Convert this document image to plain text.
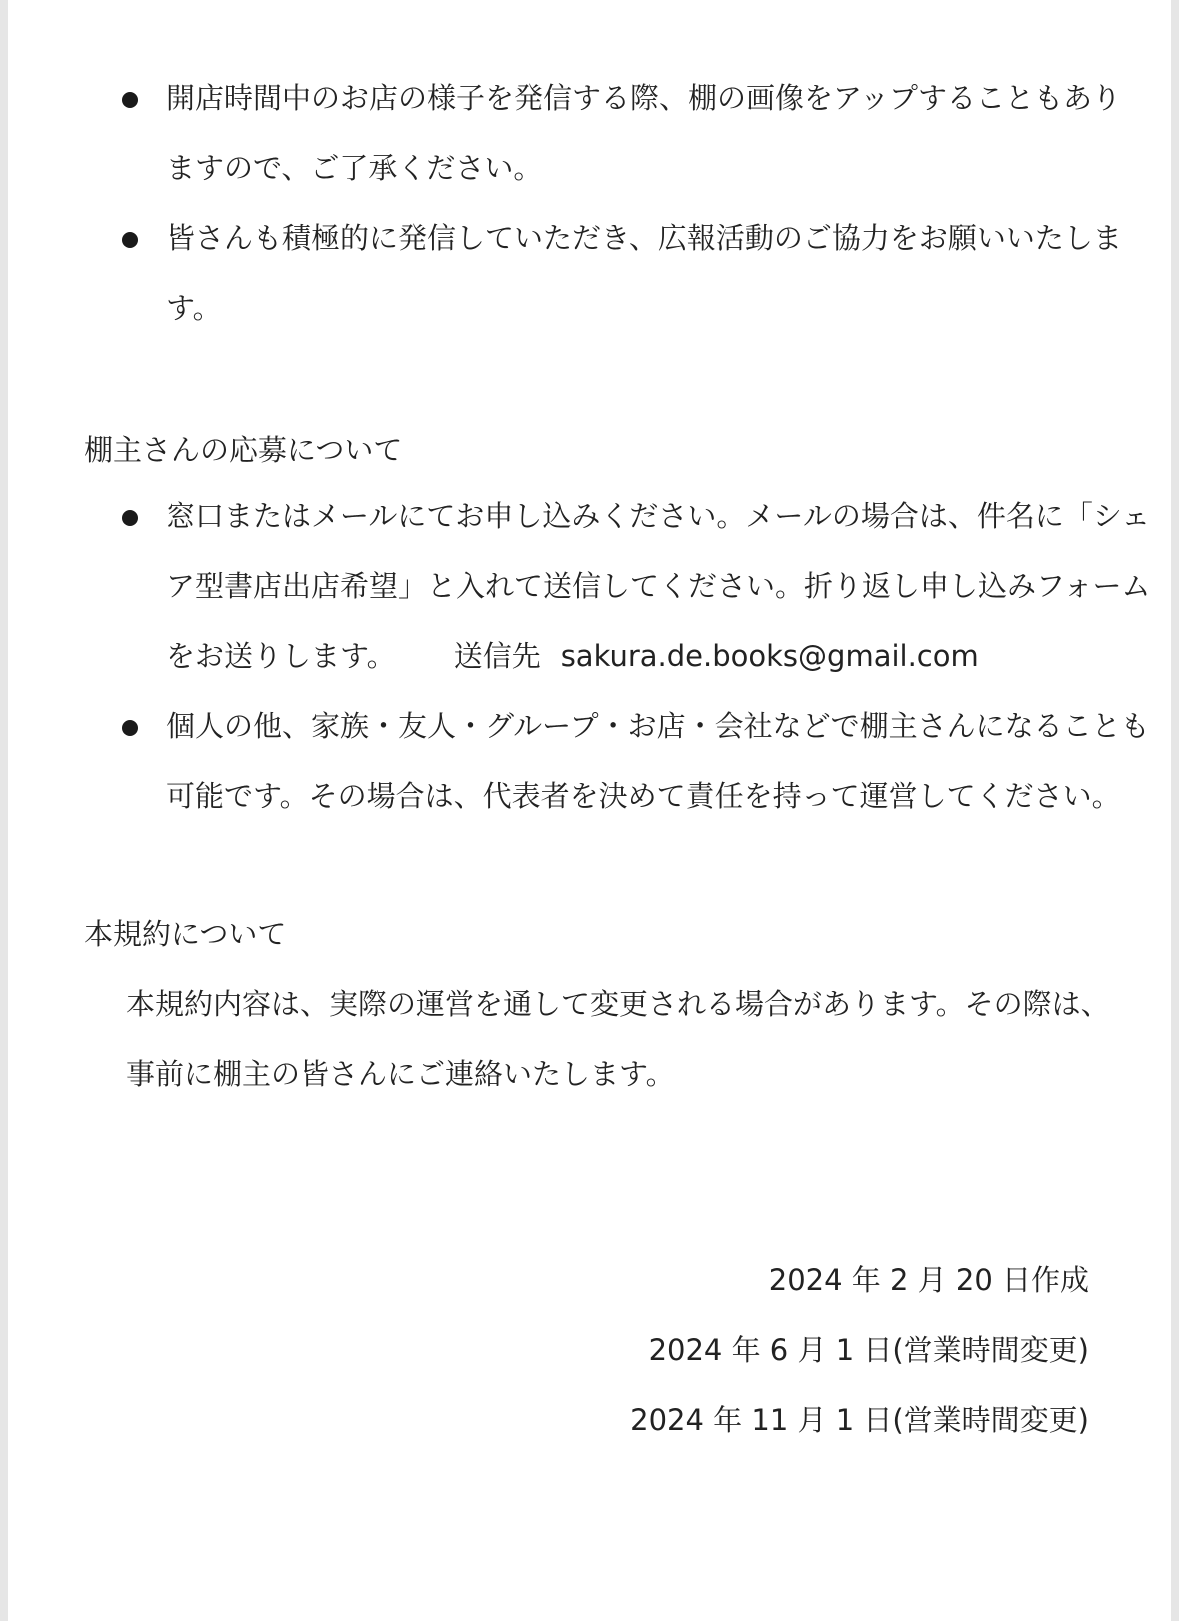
開店時間中のお店の様子を発信する際、棚の画像をアップすることもあり
ますので、ご了承ください。
皆さんも積極的に発信していただき、広報活動のご協力をお願いいたしま
す。
棚主さんの応募について
窓口またはメールにてお申し込みください。メールの場合は、件名に「シェ
ア型書店出店希望」と入れて送信してください。折り返し申し込みフォーム
をお送りします。 送信先 sakura.de.books@gmail.com
個人の他、家族・友人・グループ・お店・会社などで棚主さんになることも
可能です。その場合は、代表者を決めて責任を持って運営してください。
本規約について
本規約内容は、実際の運営を通して変更される場合があります。その際は、
事前に棚主の皆さんにご連絡いたします。
2024 年 2 月 20 日作成
2024 年 6 月 1 日(営業時間変更)
2024 年 11 月 1 日(営業時間変更)
